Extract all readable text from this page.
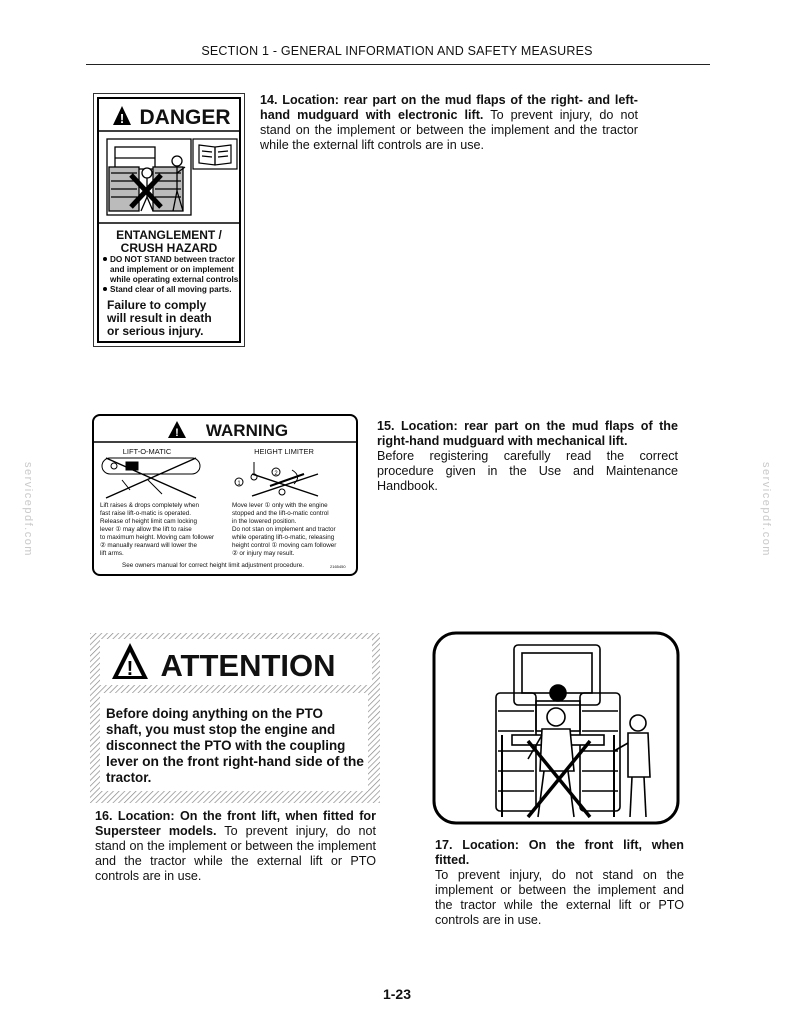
SECTION 1 - GENERAL INFORMATION AND SAFETY MEASURES
servicepdf.com	servicepdf.com
! DANGER
ENTANGLEMENT /
CRUSH HAZARD
DO NOT STAND between tractor
and implement or on implement
while operating external controls.
Stand clear of all moving parts.
Failure to comply
will result in death
or serious injury.
14. Location: rear part on the mud flaps of the right- and left-hand mudguard with electronic lift. To prevent injury, do not stand on the implement or between the implement and the tractor while the external lift controls are in use.
! WARNING
LIFT-O-MATIC	HEIGHT LIMITER
2
1
Lift raises & drops completely when
fast raise lift-o-matic is operated.
Release of height limit cam locking
lever ① may allow the lift to raise
to maximum height. Moving cam follower
② manually rearward will lower the
lift arms.
Move lever ① only with the engine
stopped and the lift-o-matic control
in the lowered position.
Do not stan on implement and tractor
while operating lift-o-matic, releasing
height control ① moving cam follower
② or injury may result.
See owners manual for correct height limit adjustment procedure.	2165450
15. Location: rear part on the mud flaps of the right-hand mudguard with mechanical lift.
Before registering carefully read the correct procedure given in the Use and Maintenance Handbook.
! ATTENTION
Before doing anything on the PTO
shaft, you must stop the engine and
disconnect the PTO with the coupling
lever on the front right-hand side of the
tractor.
16. Location: On the front lift, when fitted for Supersteer models. To prevent injury, do not stand on the implement or between the implement and the tractor while the external lift or PTO controls are in use.
17. Location: On the front lift, when fitted.
To prevent injury, do not stand on the implement or between the implement and the tractor while the external lift or PTO controls are in use.
1-23
